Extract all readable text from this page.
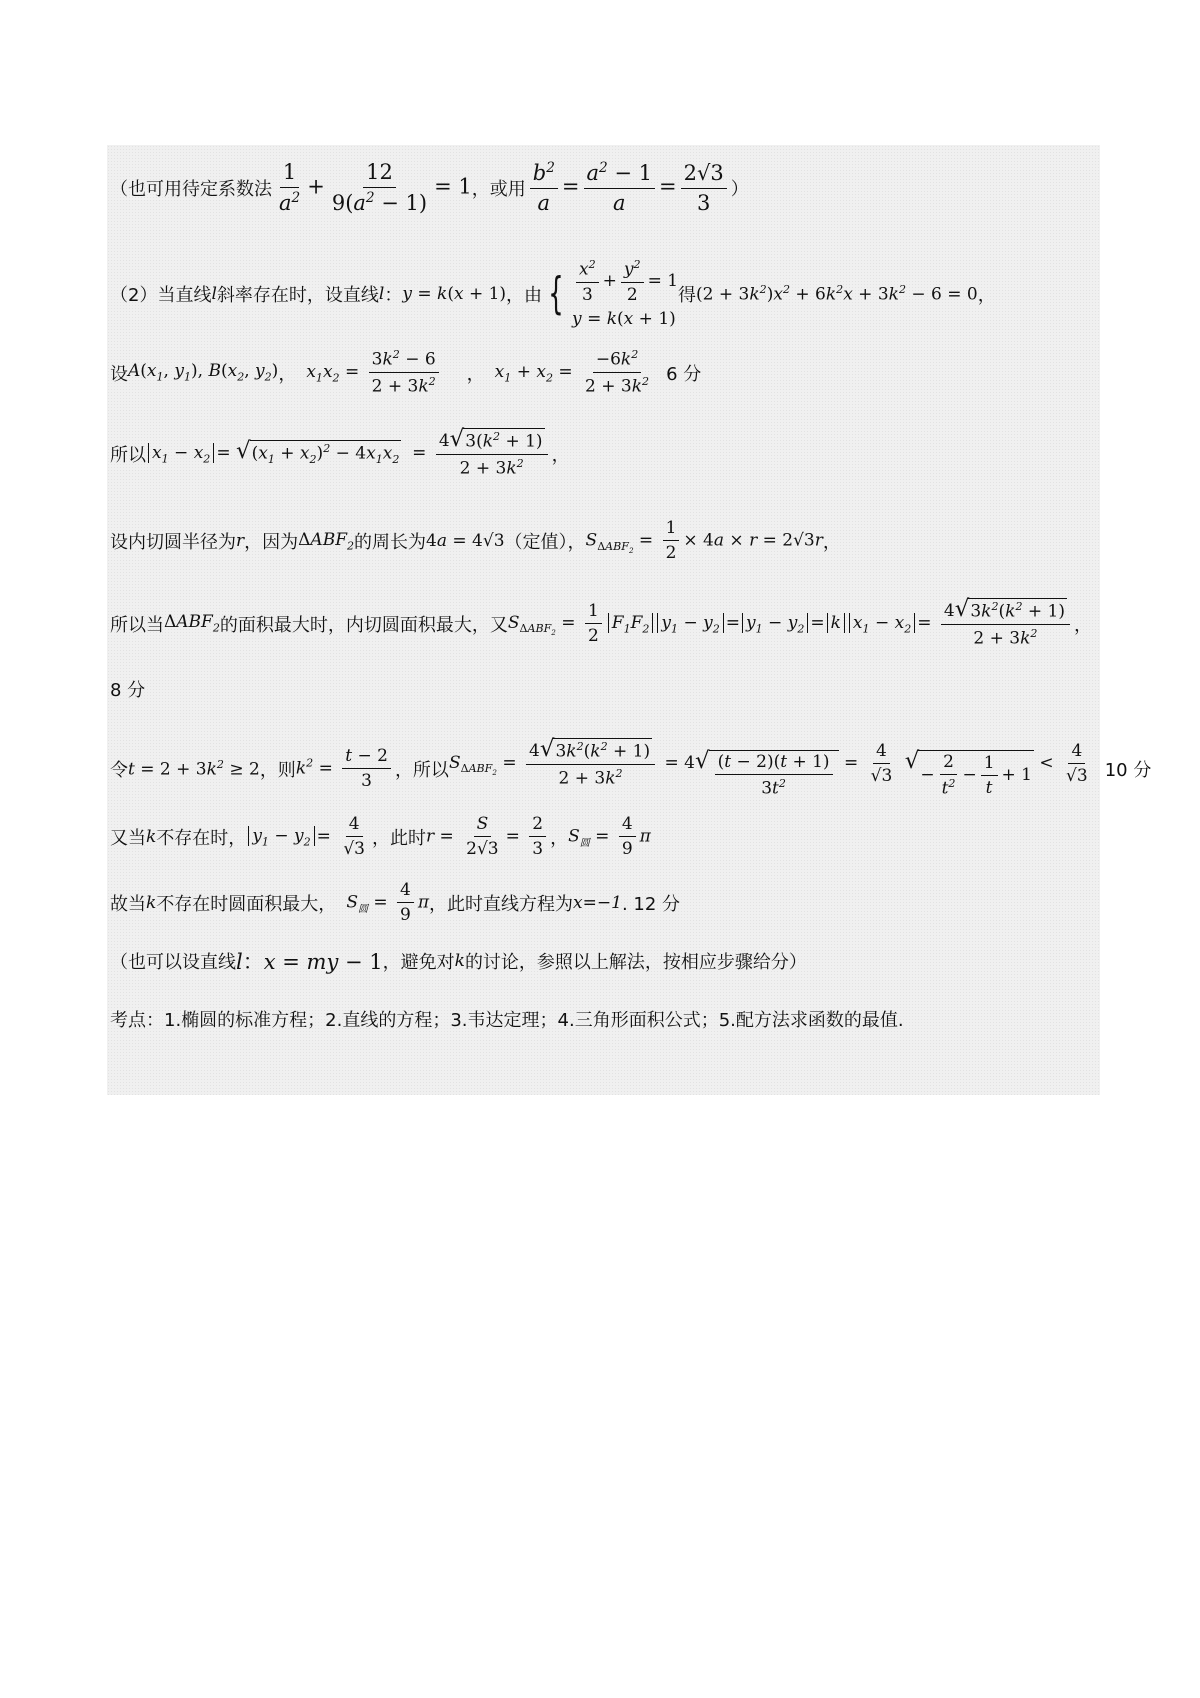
（也可用待定系数法 $\frac{1}{a^2} + \frac{12}{9(a^2 - 1)} = 1$ ，或用 $\frac{b^2}{a} = \frac{a^2 - 1}{a} = \frac{2√3}{3}$ ）
（2）当直线 l 斜率存在时，设直线 l ： y = k(x + 1) ，由 { $\frac{x^2}{3} + \frac{y^2}{2} = 1$
y = k(x + 1)
得 $(2 + 3k^2)x^2 + 6k^2x + 3k^2 - 6 = 0$ ，
设 $A(x_1$, $y_1$), $B(x_2$, $y_2$) ， $x_1x_2 = \frac{3k^2 - 6}{2 + 3k^2}$ ， $x_1 + x_2 = \frac{-6k^2}{2 + 3k^2} 6$ 分
所以 $x_1 - x_2$ = √ $(x_1 + x_2)^2 - 4x_1x_2 = \frac{4 √ 3(k^2 + 1)}{2 + 3k^2}$ ，
设内切圆半径为 r ，因为 $\Delta ABF_2$ 的周长为 4a = 4√3 （定值）， $S_{\Delta ABF_2} = \frac{1}{2} \times 4a \times r = 2√3r$ ，
所以当 $\Delta ABF_2$ 的面积最大时，内切圆面积最大，又 $S_{\Delta ABF_2} = \frac{1}{2} F_1F_2$ $y_1 - y_2 = y_1 - y_2 = k$ $x_1 - x_2 = \frac{4 √ 3k^2(k^2 + 1)}{2 + 3k^2}$ ，
8 分
令 $t = 2 + 3k^2 \ge 2$ ，则 $k^2 = \frac{t - 2}{3}$ ，所以 $S_{\Delta ABF_2} = \frac{4 √ 3k^2(k^2 + 1)}{2 + 3k^2} = 4$ √ $\frac{(t - 2)(t + 1)}{3t^2} = \frac{4}{√3}$
√
− $\frac{2}{t^2} - \frac{1}{t} + 1$
< $\frac{4}{√3} 10$ 分
又当 k 不存在时， $y_1 - y_2 = \frac{4}{√3}$ ，此时 $r = \frac{S}{2√3} = \frac{2}{3}$ ， $S_圆 = \frac{4}{9}$ π
故当 k 不存在时圆面积最大， $S_圆 = \frac{4}{9}$ π ，此时直线方程为 x=−1 . 12 分
（也可以设直线 l：x = my − 1 ，避免对 k 的讨论，参照以上解法，按相应步骤给分）
考点：1.椭圆的标准方程；2.直线的方程；3.韦达定理；4.三角形面积公式；5.配方法求函数的最值.
